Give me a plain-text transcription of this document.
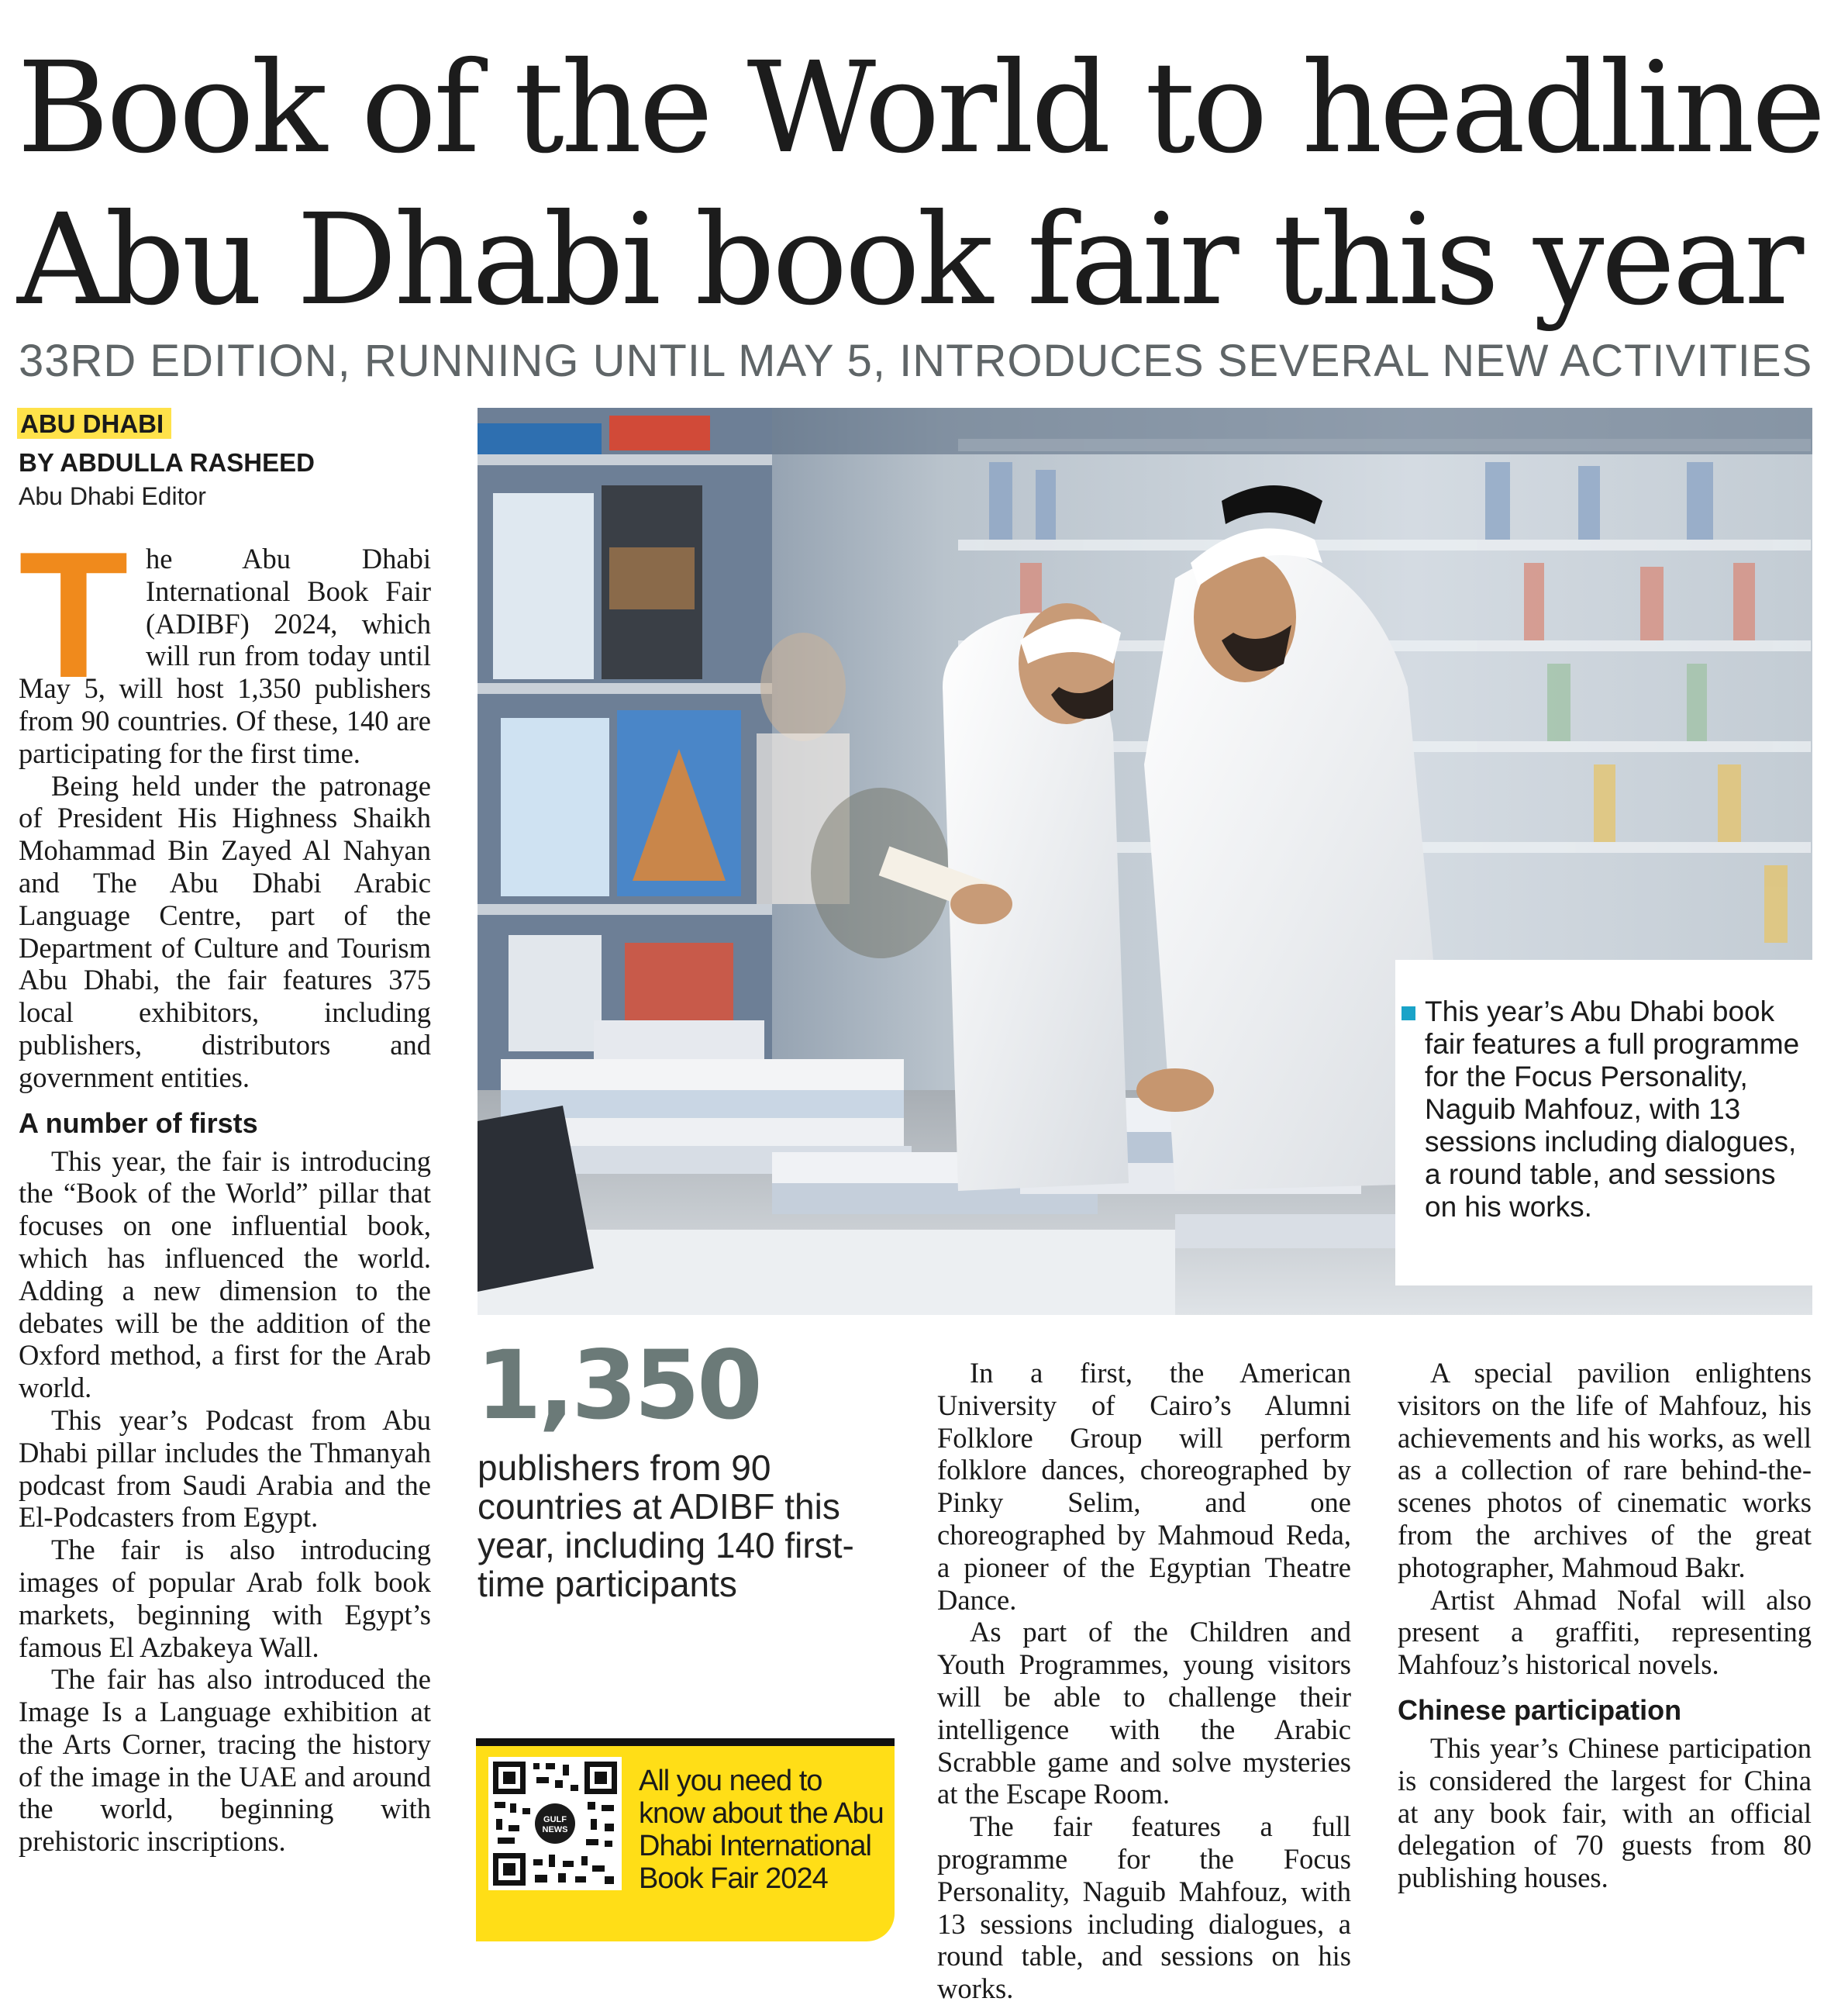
Book of the World to headline
Abu Dhabi book fair this year
33RD EDITION, RUNNING UNTIL MAY 5, INTRODUCES SEVERAL NEW ACTIVITIES
ABU DHABI
BY ABDULLA RASHEED
Abu Dhabi Editor
T he Abu Dhabi International Book Fair (ADIBF) 2024, which will run from today until May 5, will host 1,350 publishers from 90 countries. Of these, 140 are participating for the first time.

Being held under the patronage of President His Highness Shaikh Mohammad Bin Zayed Al Nahyan and The Abu Dhabi Arabic Language Centre, part of the Department of Culture and Tourism Abu Dhabi, the fair features 375 local exhibitors, including publishers, distributors and government entities.

A number of firsts

This year, the fair is introducing the “Book of the World” pillar that focuses on one influential book, which has influenced the world. Adding a new dimension to the debates will be the addition of the Oxford method, a first for the Arab world.

This year’s Podcast from Abu Dhabi pillar includes the Thmanyah podcast from Saudi Arabia and the El-Podcasters from Egypt.

The fair is also introducing images of popular Arab folk book markets, beginning with Egypt’s famous El Azbakeya Wall.

The fair has also introduced the Image Is a Language exhibition at the Arts Corner, tracing the history of the image in the UAE and around the world, beginning with prehistoric inscriptions.

This year’s Abu Dhabi book fair features a full programme for the Focus Personality, Naguib Mahfouz, with 13 sessions including dialogues, a round table, and sessions on his works.
1,350
publishers from 90 countries at ADIBF this year, including 140 first-time participants
GULF
NEWS
All you need to know about the Abu Dhabi International Book Fair 2024

In a first, the American University of Cairo’s Alumni Folklore Group will perform folklore dances, choreographed by Pinky Selim, and one choreographed by Mahmoud Reda, a pioneer of the Egyptian Theatre Dance.

As part of the Children and Youth Programmes, young visitors will be able to challenge their intelligence with the Arabic Scrabble game and solve mysteries at the Escape Room.

The fair features a full programme for the Focus Personality, Naguib Mahfouz, with 13 sessions including dialogues, a round table, and sessions on his works.

A special pavilion enlightens visitors on the life of Mahfouz, his achievements and his works, as well as a collection of rare behind-the-scenes photos of cinematic works from the archives of the great photographer, Mahmoud Bakr.

Artist Ahmad Nofal will also present a graffiti, representing Mahfouz’s historical novels.

Chinese participation

This year’s Chinese participation is considered the largest for China at any book fair, with an official delegation of 70 guests from 80 publishing houses.
